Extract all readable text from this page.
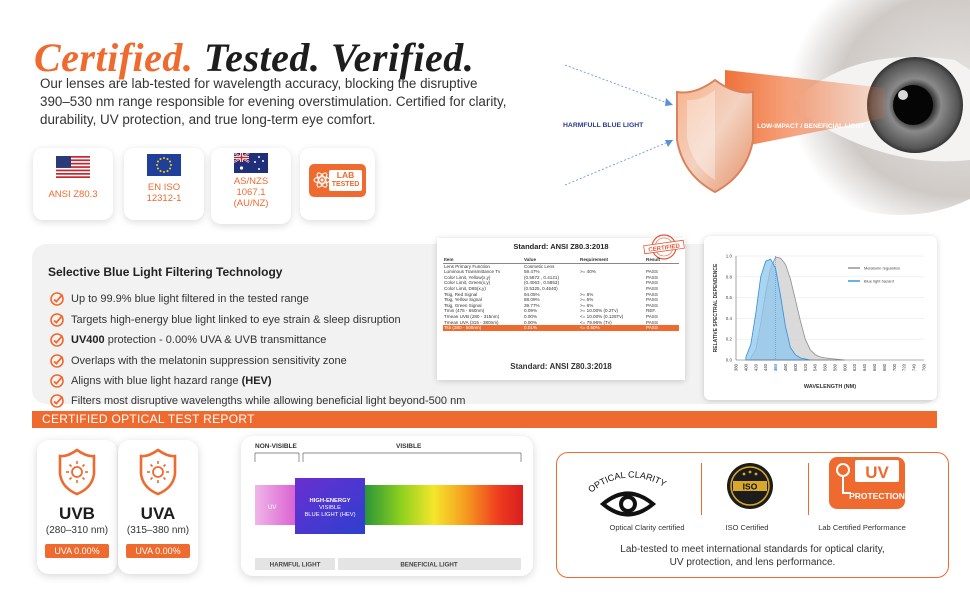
Certified. Tested. Verified.
Our lenses are lab-tested for wavelength accuracy, blocking the disruptive 390–530 nm range responsible for evening overstimulation. Certified for clarity, durability, UV protection, and true long-term eye comfort.
ANSI Z80.3
EN ISO 12312-1
AS/NZS 1067.1 (AU/NZ)
LAB
TESTED
HARMFULL BLUE LIGHT	LOW-IMPACT / BENEFICIAL LIGHT
Selective Blue Light Filtering Technology
Up to 99.9% blue light filtered in the tested range
Targets high-energy blue light linked to eye strain & sleep disruption
UV400 protection - 0.00% UVA & UVB transmittance
Overlaps with the melatonin suppression sensitivity zone
Aligns with blue light hazard range (HEV)
Filters most disruptive wavelengths while allowing beneficial light beyond-500 nm
Standard: ANSI Z80.3:2018	CERTIFIED
Item	Value	Requirement	Result
Lens Primary Function	Cosmetic Lens		
Luminous Transmittance Tv	59.47%	>= 40%	PASS
Color Limit, Yellow(x,y)	(0.5872 , 0.4121)		PASS
Color Limit, Green(x,y)	(0.4063 , 0.5853)		PASS
Color Limit, D65(x,y)	(0.5325, 0.4640)		PASS
Tsig, Red Signal	94.05%	>= 8%	PASS
Tsig, Yellow Signal	88.09%	>= 6%	PASS
Tsig, Green Signal	39.77%	>= 6%	PASS
Tmin (475 - 650nm)	0.09%	>= 10.00% (0.2Tv)	REF.
Tmean UVB (280 - 315nm)	0.00%	<= 10.00% (0.125Tv)	PASS
Tmean UVA (315 - 380nm)	0.00%	<= 79.96% (Tv)	PASS
Tsb (380 - 500nm)	0.01%	<= 0.50%	PASS
Standard: ANSI Z80.3:2018
0.0
0.2
0.4
0.6
0.8
1.0
380 400 420 440 460 480 500 520 540 560 580 600 620 640 660 680 700 720 740 760
WAVELENGTH (NM)
RELATIVE SPECTRAL DEPENDENCE	Melatonin regulation
Blue light hazard
CERTIFIED OPTICAL TEST REPORT
UVB
(280–310 nm)
UVA 0.00%
UVA
(315–380 nm)
UVA 0.00%
NON-VISIBLE	VISIBLE
UV
HIGH-ENERGY
VISIBLE
BLUE LIGHT (HEV)
HARMFUL LIGHT	BENEFICIAL LIGHT
OPTICAL CLARITY	ISO
UV
PROTECTION
Optical Clarity certified	ISO Certified	Lab Certified Performance
Lab-tested to meet international standards for optical clarity, UV protection, and lens performance.
